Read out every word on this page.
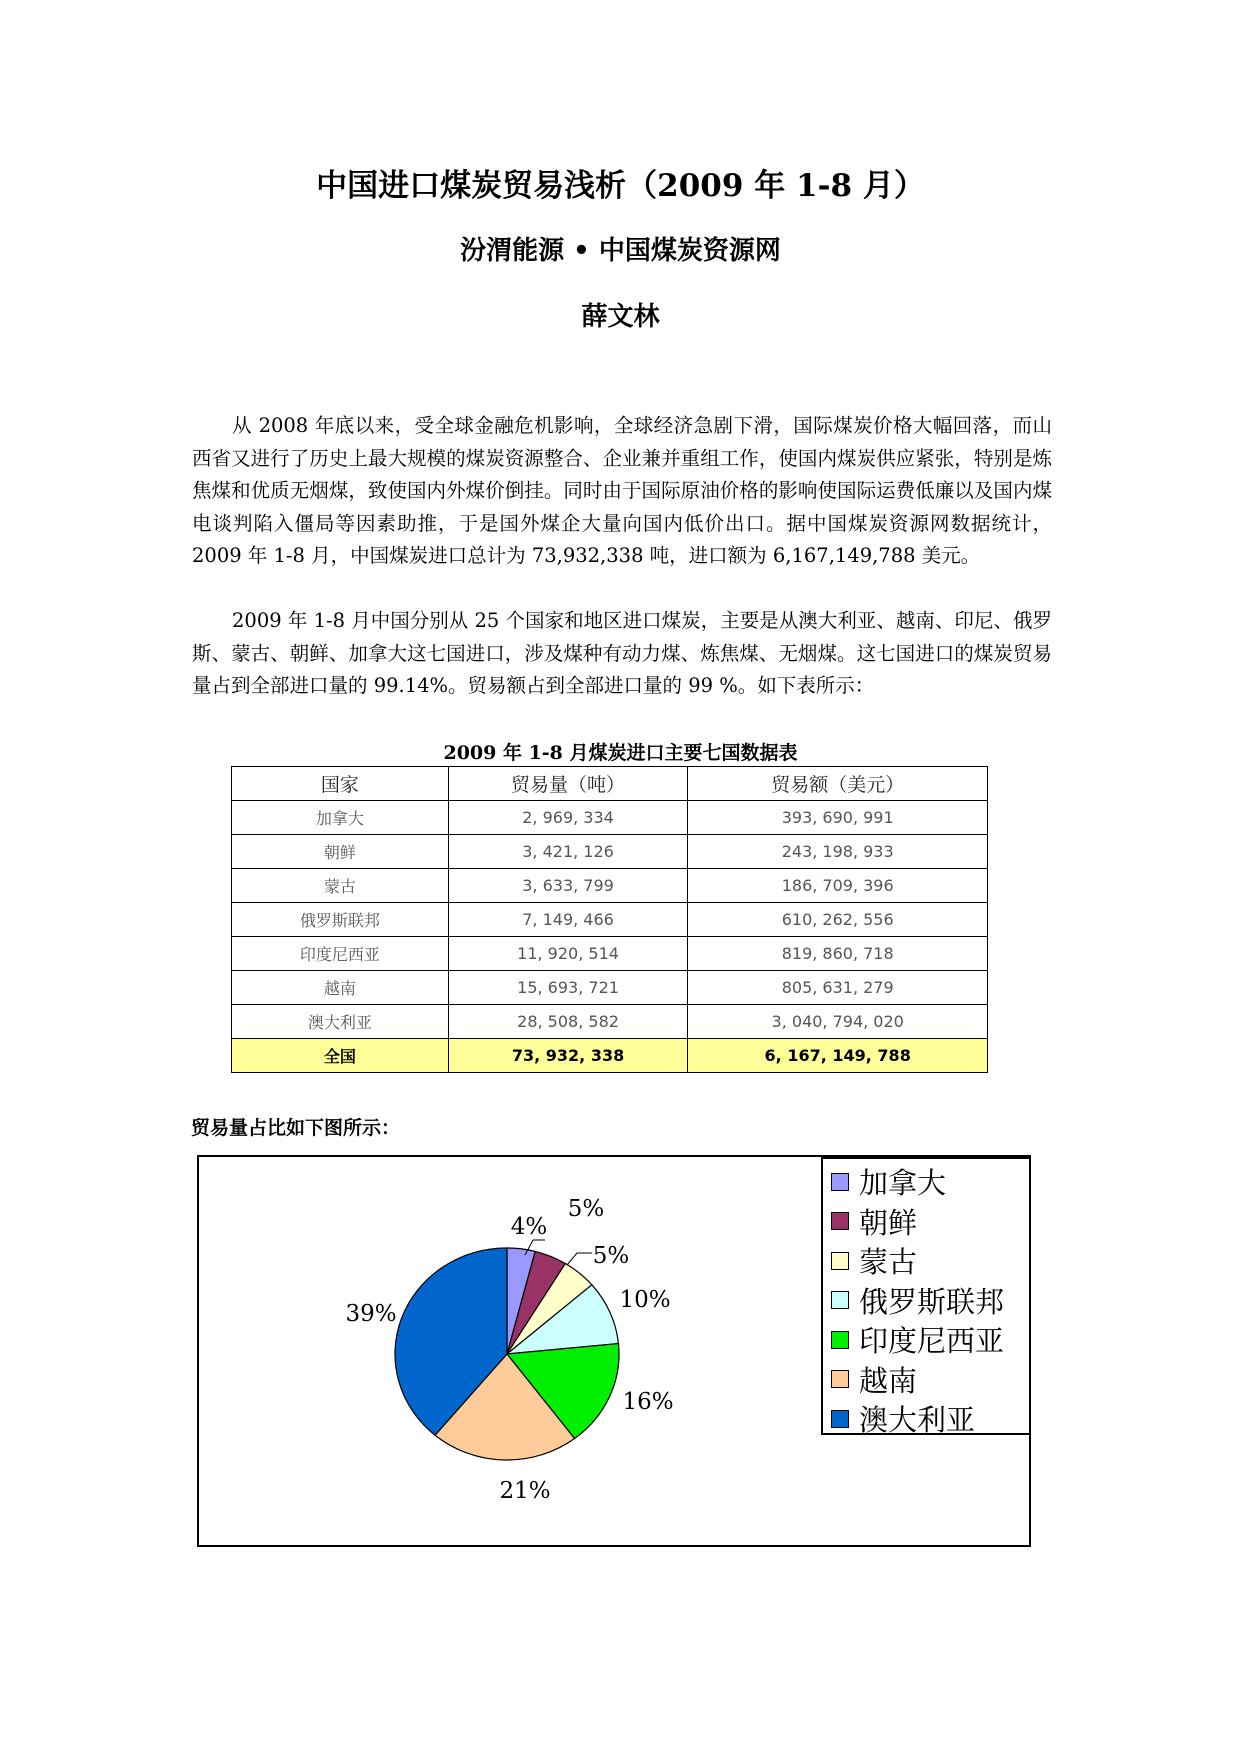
中国进口煤炭贸易浅析（2009 年 1-8 月）
汾渭能源 • 中国煤炭资源网
薛文林

从 2008 年底以来，受全球金融危机影响，全球经济急剧下滑，国际煤炭价格大幅回落，而山西省又进行了历史上最大规模的煤炭资源整合、企业兼并重组工作，使国内煤炭供应紧张，特别是炼焦煤和优质无烟煤，致使国内外煤价倒挂。同时由于国际原油价格的影响使国际运费低廉以及国内煤电谈判陷入僵局等因素助推，于是国外煤企大量向国内低价出口。据中国煤炭资源网数据统计，2009 年 1-8 月，中国煤炭进口总计为 73,932,338 吨，进口额为 6,167,149,788 美元。

2009 年 1-8 月中国分别从 25 个国家和地区进口煤炭，主要是从澳大利亚、越南、印尼、俄罗斯、蒙古、朝鲜、加拿大这七国进口，涉及煤种有动力煤、炼焦煤、无烟煤。这七国进口的煤炭贸易量占到全部进口量的 99.14%。贸易额占到全部进口量的 99 %。如下表所示：

2009 年 1-8 月煤炭进口主要七国数据表
国家	贸易量（吨）	贸易额（美元）
加拿大	2, 969, 334	393, 690, 991
朝鲜	3, 421, 126	243, 198, 933
蒙古	3, 633, 799	186, 709, 396
俄罗斯联邦	7, 149, 466	610, 262, 556
印度尼西亚	11, 920, 514	819, 860, 718
越南	15, 693, 721	805, 631, 279
澳大利亚	28, 508, 582	3, 040, 794, 020
全国	73, 932, 338	6, 167, 149, 788
贸易量占比如下图所示：
4%
5%
5%
10%
16%
21%
39%
加拿大
朝鲜
蒙古
俄罗斯联邦
印度尼西亚
越南
澳大利亚
